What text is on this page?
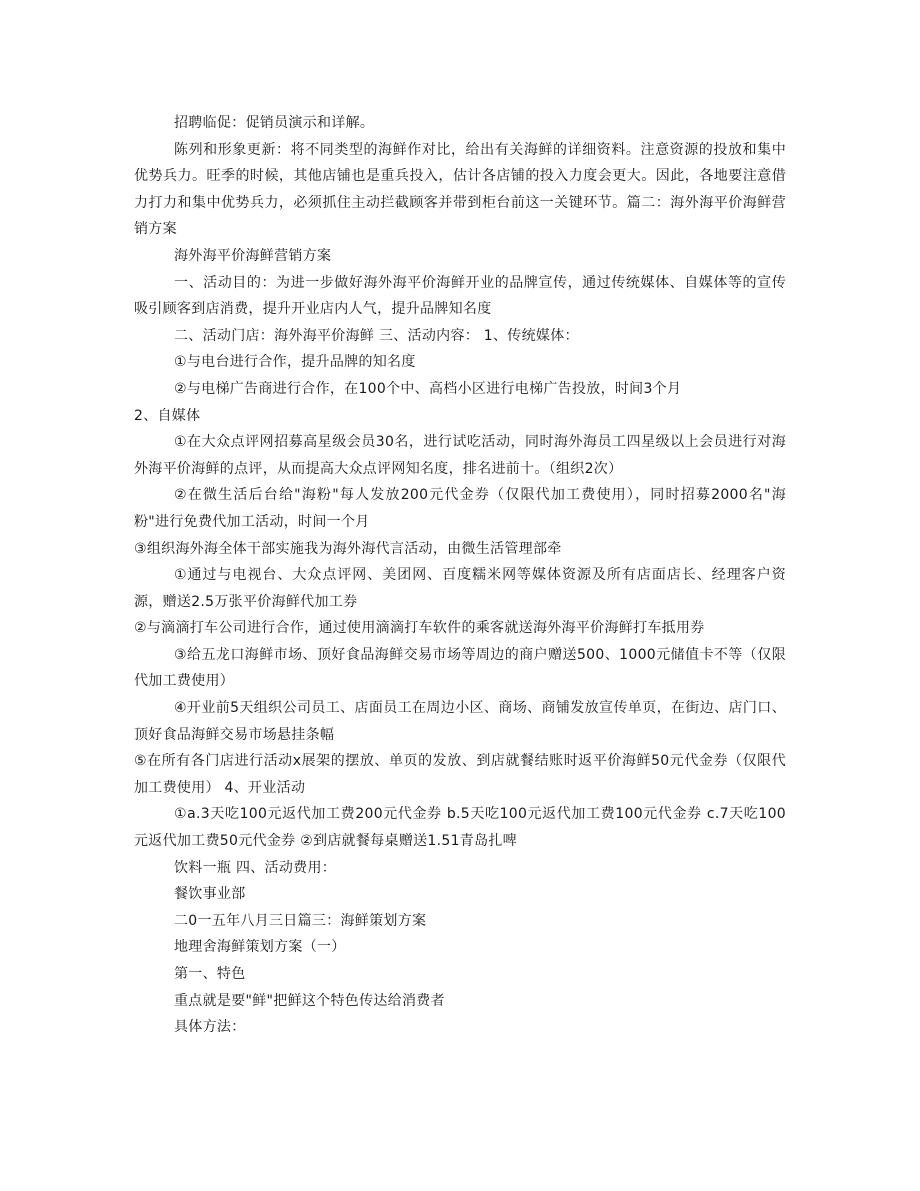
招聘临促：促销员演示和详解。

陈列和形象更新：将不同类型的海鲜作对比，给出有关海鲜的详细资料。注意资源的投放和集中优势兵力。旺季的时候，其他店铺也是重兵投入，估计各店铺的投入力度会更大。因此，各地要注意借力打力和集中优势兵力，必须抓住主动拦截顾客并带到柜台前这一关键环节。篇二：海外海平价海鲜营销方案

海外海平价海鲜营销方案

一、活动目的：为进一步做好海外海平价海鲜开业的品牌宣传，通过传统媒体、自媒体等的宣传吸引顾客到店消费，提升开业店内人气，提升品牌知名度

二、活动门店：海外海平价海鲜 三、活动内容： 1、传统媒体：

①与电台进行合作，提升品牌的知名度

②与电梯广告商进行合作，在100个中、高档小区进行电梯广告投放，时间3个月

2、自媒体

①在大众点评网招募高星级会员30名，进行试吃活动，同时海外海员工四星级以上会员进行对海外海平价海鲜的点评，从而提高大众点评网知名度，排名进前十。（组织2次）

②在微生活后台给"海粉"每人发放200元代金券（仅限代加工费使用），同时招募2000名"海粉"进行免费代加工活动，时间一个月

③组织海外海全体干部实施我为海外海代言活动，由微生活管理部牵

①通过与电视台、大众点评网、美团网、百度糯米网等媒体资源及所有店面店长、经理客户资源，赠送2.5万张平价海鲜代加工券

②与滴滴打车公司进行合作，通过使用滴滴打车软件的乘客就送海外海平价海鲜打车抵用券

③给五龙口海鲜市场、顶好食品海鲜交易市场等周边的商户赠送500、1000元储值卡不等（仅限代加工费使用）

④开业前5天组织公司员工、店面员工在周边小区、商场、商铺发放宣传单页，在街边、店门口、顶好食品海鲜交易市场悬挂条幅

⑤在所有各门店进行活动x展架的摆放、单页的发放、到店就餐结账时返平价海鲜50元代金券（仅限代加工费使用） 4、开业活动

①a.3天吃100元返代加工费200元代金券 b.5天吃100元返代加工费100元代金券 c.7天吃100元返代加工费50元代金券 ②到店就餐每桌赠送1.51青岛扎啤

饮料一瓶 四、活动费用：

餐饮事业部

二0一五年八月三日篇三：海鲜策划方案

地理舍海鲜策划方案（一）

第一、特色

重点就是要"鲜"把鲜这个特色传达给消费者

具体方法：
